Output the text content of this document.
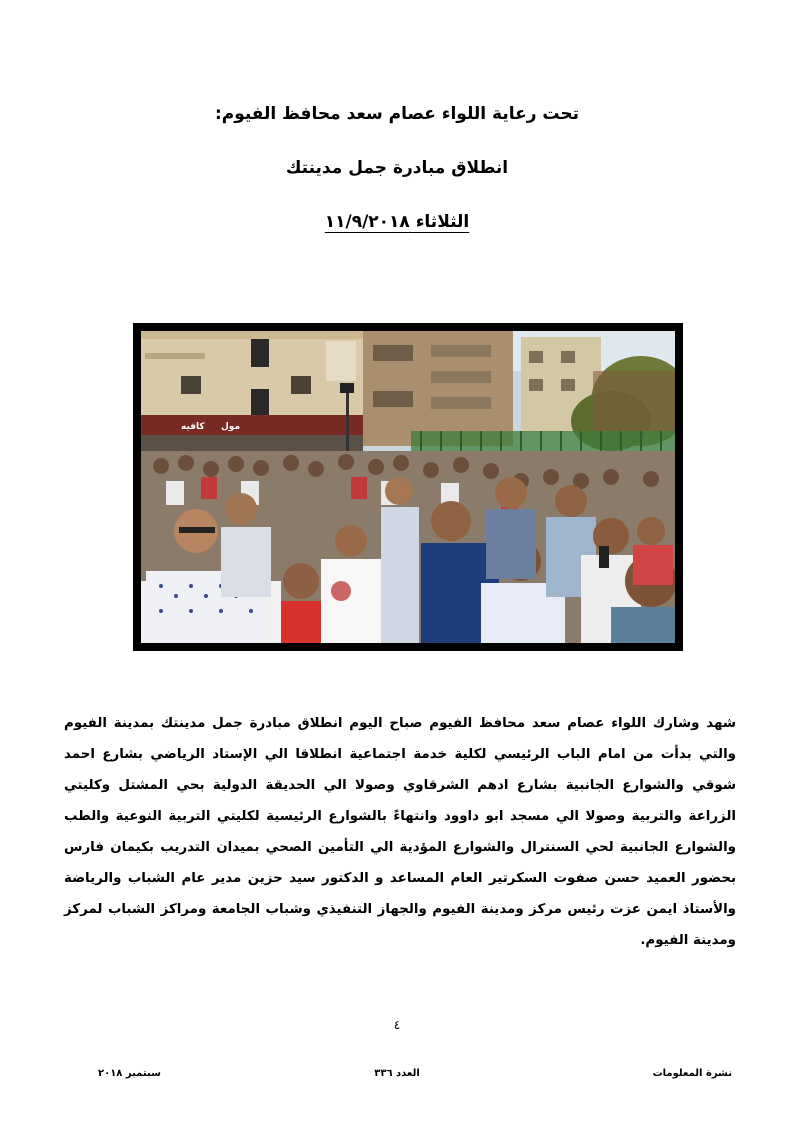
تحت رعاية اللواء عصام سعد محافظ الفيوم:
انطلاق مبادرة جمل مدينتك
الثلاثاء ١١/٩/٢٠١٨
كافيه مول
شهد وشارك اللواء عصام سعد محافظ الفيوم صباح اليوم انطلاق مبادرة جمل مدينتك بمدينة الفيوم والتي بدأت من امام الباب الرئيسي لكلية خدمة اجتماعية انطلاقا الي الإستاد الرياضي بشارع احمد شوقي والشوارع الجانبية بشارع ادهم الشرقاوي وصولا الي الحديقة الدولية بحي المشتل وكليتي الزراعة والتربية وصولا الي مسجد ابو داوود وانتهاءً بالشوارع الرئيسية لكليتي التربية النوعية والطب والشوارع الجانبية لحي السنترال والشوارع المؤدية الي التأمين الصحي بميدان التدريب بكيمان فارس بحضور العميد حسن صفوت السكرتير العام المساعد و الدكتور سيد حزين مدير عام الشباب والرياضة والأستاذ ايمن عزت رئيس مركز ومدينة الفيوم والجهاز التنفيذي وشباب الجامعة ومراكز الشباب لمركز ومدينة الفيوم.
٤
نشرة المعلومات
العدد ٣٣٦
سبتمبر ٢٠١٨
